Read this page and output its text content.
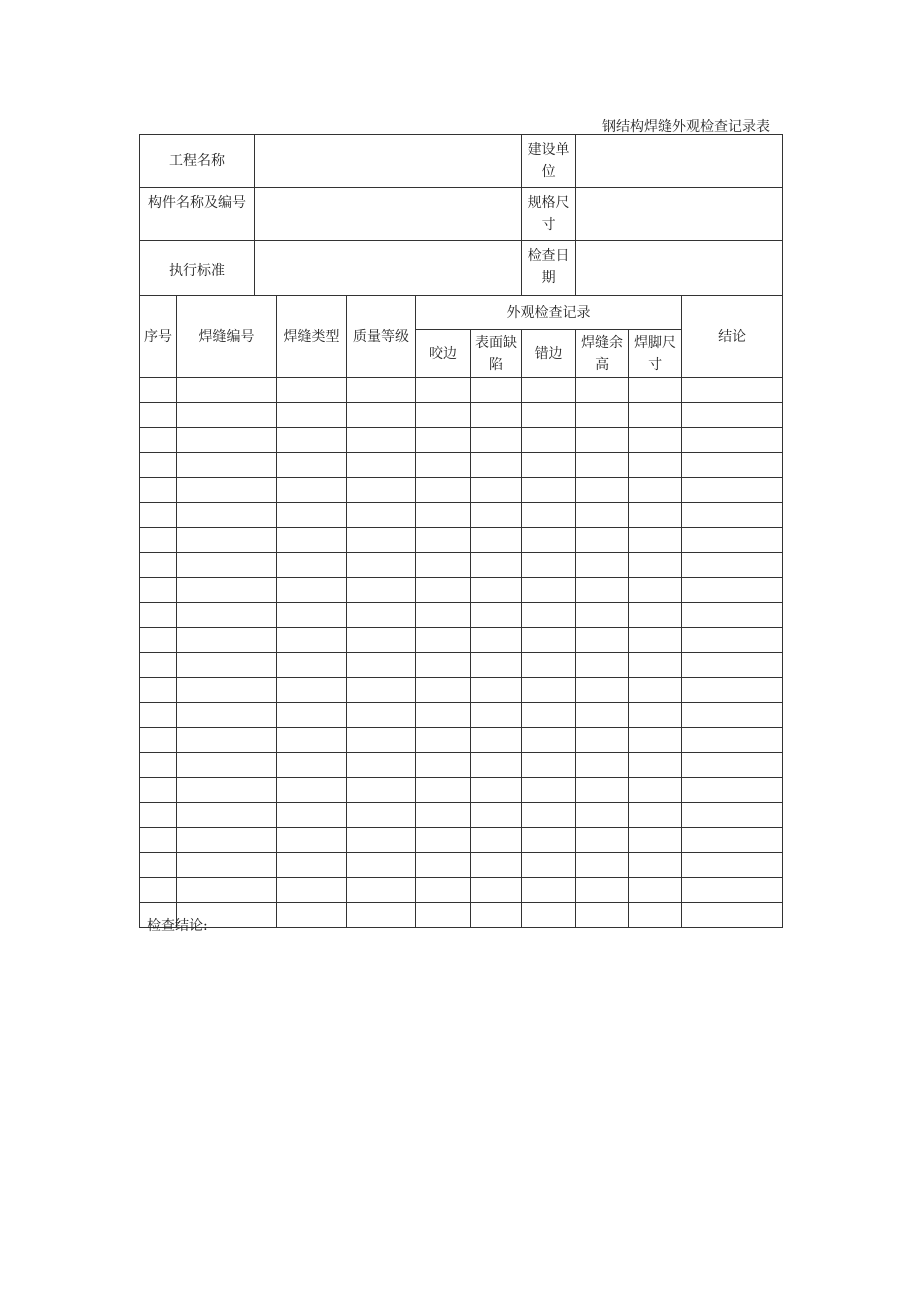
钢结构焊缝外观检查记录表
工程名称							建设单位			
构件名称及编号							规格尺寸			
执行标准							检查日期			
序号	焊缝编号		焊缝类型	质量等级	外观检查记录					结论
					咬边	表面缺陷	错边	焊缝余高	焊脚尺寸	

检查结论:
